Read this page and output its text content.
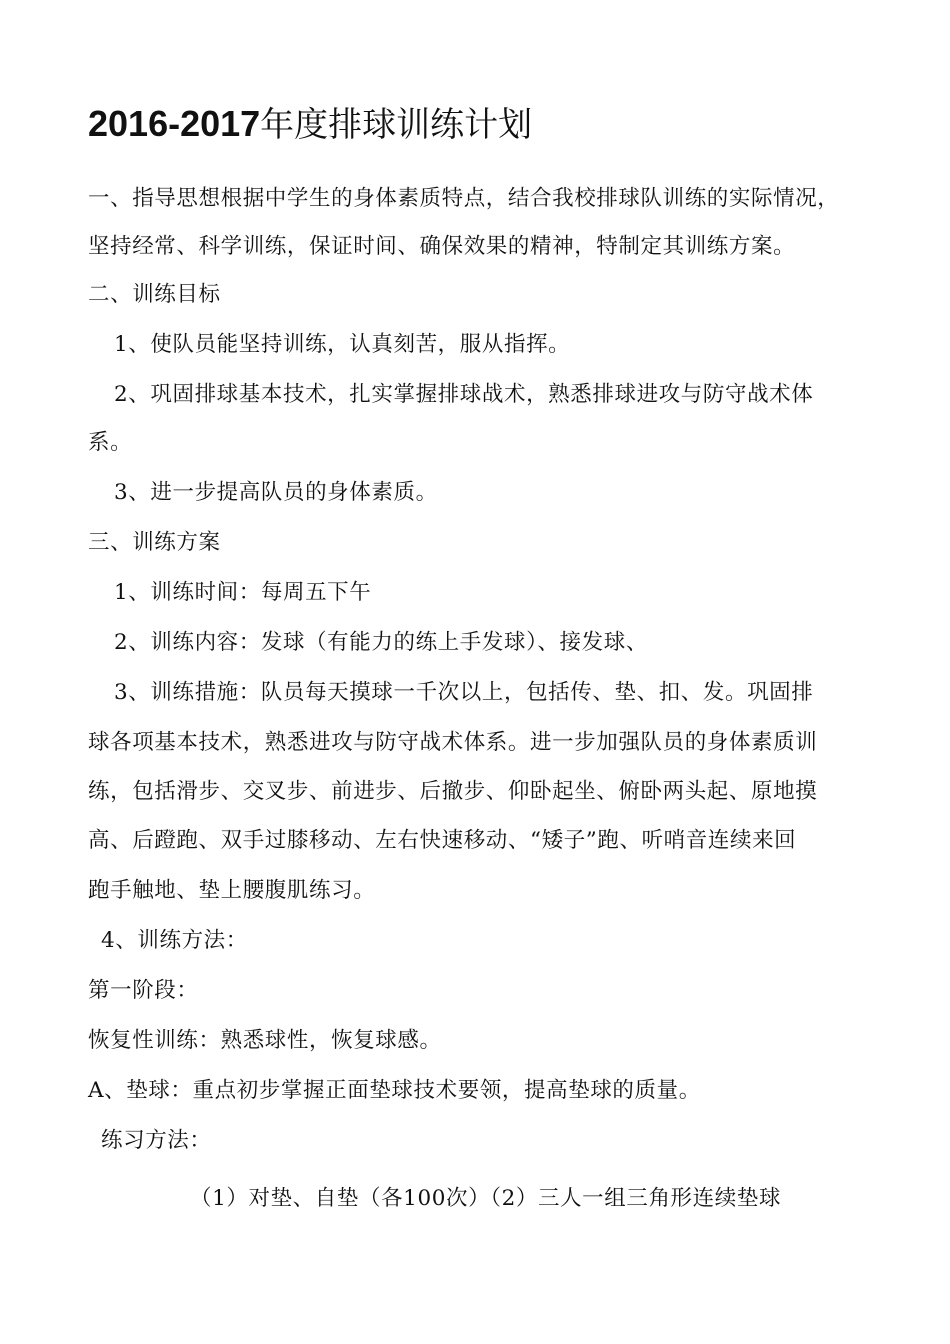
2016-2017年度排球训练计划

一、指导思想根据中学生的身体素质特点，结合我校排球队训练的实际情况，

坚持经常、科学训练，保证时间、确保效果的精神，特制定其训练方案。

二、训练目标

1、使队员能坚持训练，认真刻苦，服从指挥。

2、巩固排球基本技术，扎实掌握排球战术，熟悉排球进攻与防守战术体

系。

3、进一步提高队员的身体素质。

三、训练方案

1、训练时间：每周五下午

2、训练内容：发球（有能力的练上手发球）、接发球、

3、训练措施：队员每天摸球一千次以上，包括传、垫、扣、发。巩固排

球各项基本技术，熟悉进攻与防守战术体系。进一步加强队员的身体素质训

练，包括滑步、交叉步、前进步、后撤步、仰卧起坐、俯卧两头起、原地摸

高、后蹬跑、双手过膝移动、左右快速移动、“矮子”跑、听哨音连续来回

跑手触地、垫上腰腹肌练习。

4、训练方法：

第一阶段：

恢复性训练：熟悉球性，恢复球感。

A、垫球：重点初步掌握正面垫球技术要领，提高垫球的质量。

练习方法：

（1）对垫、自垫（各100次）（2）三人一组三角形连续垫球
